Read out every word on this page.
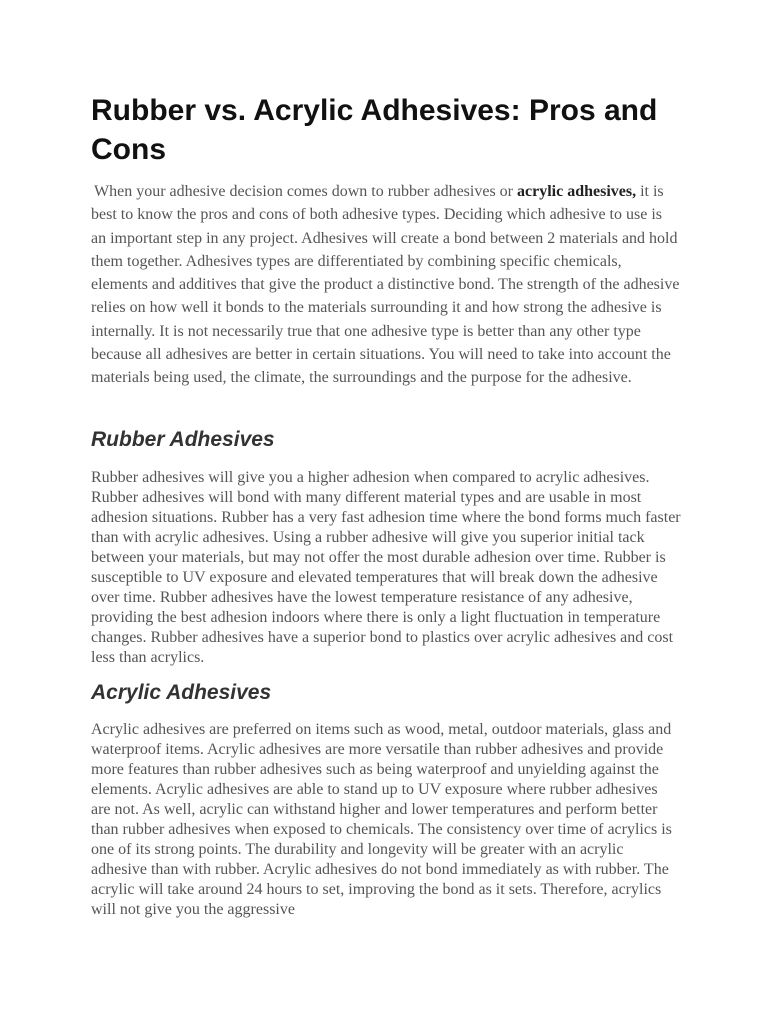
Rubber vs. Acrylic Adhesives: Pros and Cons

When your adhesive decision comes down to rubber adhesives or acrylic adhesives, it is best to know the pros and cons of both adhesive types. Deciding which adhesive to use is an important step in any project. Adhesives will create a bond between 2 materials and hold them together. Adhesives types are differentiated by combining specific chemicals, elements and additives that give the product a distinctive bond. The strength of the adhesive relies on how well it bonds to the materials surrounding it and how strong the adhesive is internally. It is not necessarily true that one adhesive type is better than any other type because all adhesives are better in certain situations. You will need to take into account the materials being used, the climate, the surroundings and the purpose for the adhesive.

Rubber Adhesives

Rubber adhesives will give you a higher adhesion when compared to acrylic adhesives. Rubber adhesives will bond with many different material types and are usable in most adhesion situations. Rubber has a very fast adhesion time where the bond forms much faster than with acrylic adhesives. Using a rubber adhesive will give you superior initial tack between your materials, but may not offer the most durable adhesion over time. Rubber is susceptible to UV exposure and elevated temperatures that will break down the adhesive over time. Rubber adhesives have the lowest temperature resistance of any adhesive, providing the best adhesion indoors where there is only a light fluctuation in temperature changes. Rubber adhesives have a superior bond to plastics over acrylic adhesives and cost less than acrylics.

Acrylic Adhesives

Acrylic adhesives are preferred on items such as wood, metal, outdoor materials, glass and waterproof items. Acrylic adhesives are more versatile than rubber adhesives and provide more features than rubber adhesives such as being waterproof and unyielding against the elements. Acrylic adhesives are able to stand up to UV exposure where rubber adhesives are not. As well, acrylic can withstand higher and lower temperatures and perform better than rubber adhesives when exposed to chemicals. The consistency over time of acrylics is one of its strong points. The durability and longevity will be greater with an acrylic adhesive than with rubber. Acrylic adhesives do not bond immediately as with rubber. The acrylic will take around 24 hours to set, improving the bond as it sets. Therefore, acrylics will not give you the aggressive
